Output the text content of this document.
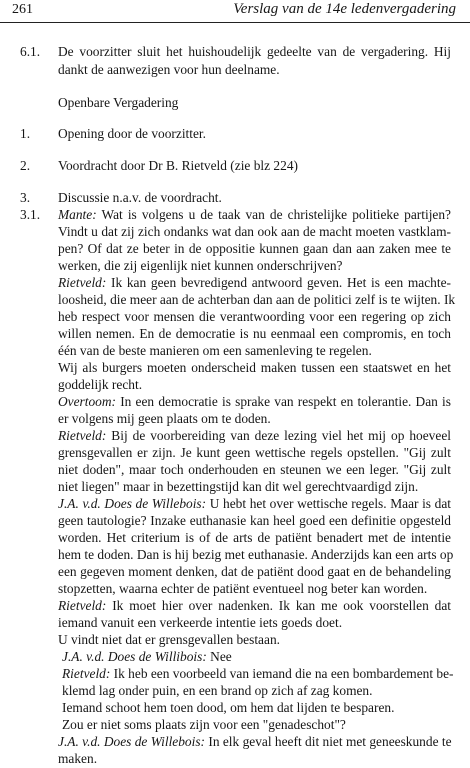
261	Verslag van de 14e ledenvergadering
6.1. De voorzitter sluit het huishoudelijk gedeelte van de vergadering. Hij
dankt de aanwezigen voor hun deelname.
Openbare Vergadering
1. Opening door de voorzitter.
2. Voordracht door Dr B. Rietveld (zie blz 224)
3. Discussie n.a.v. de voordracht.
3.1. Mante: Wat is volgens u de taak van de christelijke politieke partijen?
Vindt u dat zij zich ondanks wat dan ook aan de macht moeten vastklam-
pen? Of dat ze beter in de oppositie kunnen gaan dan aan zaken mee te
werken, die zij eigenlijk niet kunnen onderschrijven?
Rietveld: Ik kan geen bevredigend antwoord geven. Het is een machte-
loosheid, die meer aan de achterban dan aan de politici zelf is te wijten. Ik
heb respect voor mensen die verantwoording voor een regering op zich
willen nemen. En de democratie is nu eenmaal een compromis, en toch
één van de beste manieren om een samenleving te regelen.
Wij als burgers moeten onderscheid maken tussen een staatswet en het
goddelijk recht.
Overtoom: In een democratie is sprake van respekt en tolerantie. Dan is
er volgens mij geen plaats om te doden.
Rietveld: Bij de voorbereiding van deze lezing viel het mij op hoeveel
grensgevallen er zijn. Je kunt geen wettische regels opstellen. "Gij zult
niet doden", maar toch onderhouden en steunen we een leger. "Gij zult
niet liegen" maar in bezettingstijd kan dit wel gerechtvaardigd zijn.
J.A. v.d. Does de Willebois: U hebt het over wettische regels. Maar is dat
geen tautologie? Inzake euthanasie kan heel goed een definitie opgesteld
worden. Het criterium is of de arts de patiënt benadert met de intentie
hem te doden. Dan is hij bezig met euthanasie. Anderzijds kan een arts op
een gegeven moment denken, dat de patiënt dood gaat en de behandeling
stopzetten, waarna echter de patiënt eventueel nog beter kan worden.
Rietveld: Ik moet hier over nadenken. Ik kan me ook voorstellen dat
iemand vanuit een verkeerde intentie iets goeds doet.
U vindt niet dat er grensgevallen bestaan.
J.A. v.d. Does de Willibois: Nee
Rietveld: Ik heb een voorbeeld van iemand die na een bombardement be-
klemd lag onder puin, en een brand op zich af zag komen.
Iemand schoot hem toen dood, om hem dat lijden te besparen.
Zou er niet soms plaats zijn voor een "genadeschot"?
J.A. v.d. Does de Willebois: In elk geval heeft dit niet met geneeskunde te
maken.
